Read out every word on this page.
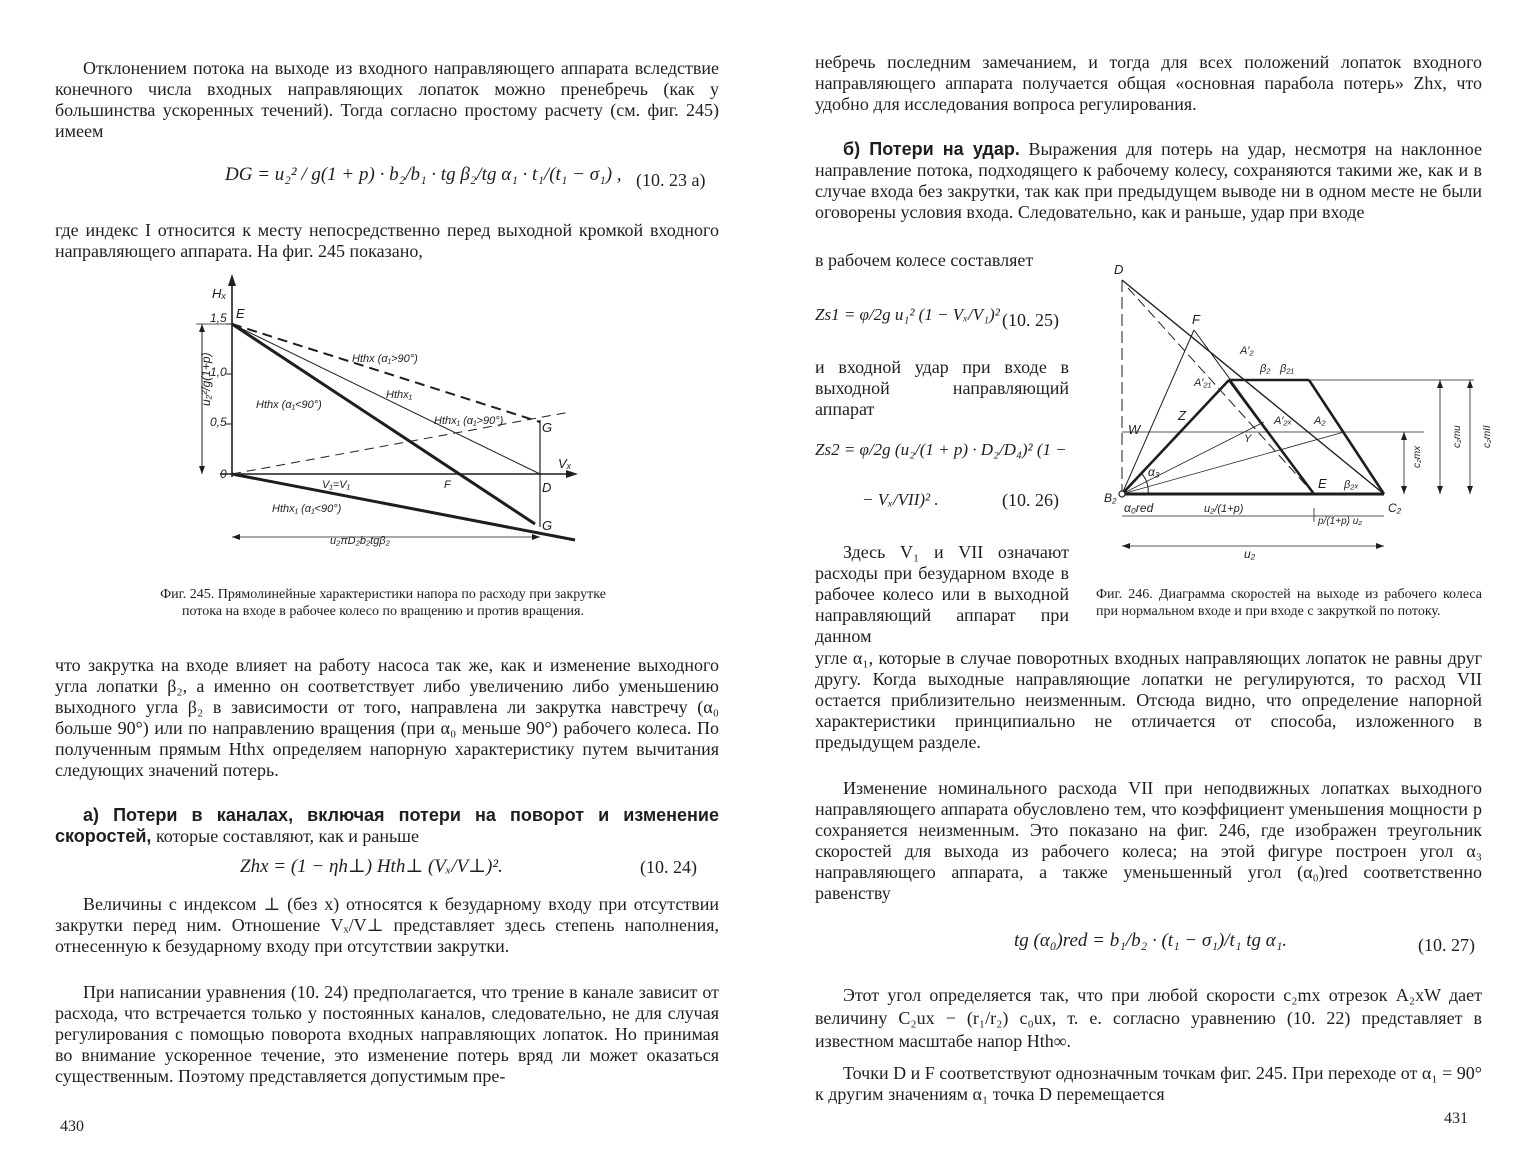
Отклонением потока на выходе из входного направляющего аппарата вследствие конечного числа входных направляющих лопаток можно пренебречь (как у большинства ускоренных течений). Тогда согласно простому расчету (см. фиг. 245) имеем

DG = u₂² / g(1 + p) · b₂/b₁ · tg β₂/tg α₁ · t₁/(t₁ − σ₁) , (10. 23 a)

где индекс I относится к месту непосредственно перед выходной кромкой входного направляющего аппарата. На фиг. 245 показано,

Hₓ
Vₓ
1,5
1,0
0,5
0
u₂²/g(1+p)
E
F	D
G
G
Hthx (α₁>90°)
Hthx (α₁<90°)
Hthx₁
Hthx₁ (α₁>90°)
Hthx₁ (α₁<90°)
V₁=V₁
u₂πD₂b₂tgβ₂

Фиг. 245. Прямолинейные характеристики напора по расходу при закрутке потока на входе в рабочее колесо по вращению и против вращения.

что закрутка на входе влияет на работу насоса так же, как и изменение выходного угла лопатки β₂, а именно он соответствует либо увеличению либо уменьшению выходного угла β₂ в зависимости от того, направлена ли закрутка навстречу (α₀ больше 90°) или по направлению вращения (при α₀ меньше 90°) рабочего колеса. По полученным прямым Hthx определяем напорную характеристику путем вычитания следующих значений потерь.

а) Потери в каналах, включая потери на поворот и изменение скоростей, которые составляют, как и раньше

Zhx = (1 − ηh⊥) Hth⊥ (Vₓ/V⊥)².	(10. 24)

Величины с индексом ⊥ (без x) относятся к безударному входу при отсутствии закрутки перед ним. Отношение Vₓ/V⊥ представляет здесь степень наполнения, отнесенную к безударному входу при отсутствии закрутки.

При написании уравнения (10. 24) предполагается, что трение в канале зависит от расхода, что встречается только у постоянных каналов, следовательно, не для случая регулирования с помощью поворота входных направляющих лопаток. Но принимая во внимание ускоренное течение, это изменение потерь вряд ли может оказаться существенным. Поэтому представляется допустимым пре-

430

небречь последним замечанием, и тогда для всех положений лопаток входного направляющего аппарата получается общая «основная парабола потерь» Zhx, что удобно для исследования вопроса регулирования.

б) Потери на удар. Выражения для потерь на удар, несмотря на наклонное направление потока, подходящего к рабочему колесу, сохраняются такими же, как и в случае входа без закрутки, так как при предыдущем выводе ни в одном месте не были оговорены условия входа. Следовательно, как и раньше, удар при входе

в рабочем колесе составляет

Zs1 = φ/2g u₁² (1 − Vₓ/V₁)² (10. 25)

и входной удар при входе в выходной направляющий аппарат

Zs2 = φ/2g (u₂/(1 + p) · D₂/D₄)² (1 −
− Vₓ/VII)² .	(10. 26)

Здесь V₁ и VII означают расходы при безударном входе в рабочее колесо или в выходной направляющий аппарат при данном

D
F
A′₂
A′₂₁
β₂ β₂₁
A′₂ₓ A₂
Z
W
Y
α₃
E β₂ₓ
B₂
C₂
α₀red	u₂/(1+p)
p/(1+p) u₂
u₂
c₂mx
c₂mu c₂mII

Фиг. 246. Диаграмма скоростей на выходе из рабочего колеса при нормальном входе и при входе с закруткой по потоку.

угле α₁, которые в случае поворотных входных направляющих лопаток не равны друг другу. Когда выходные направляющие лопатки не регулируются, то расход VII остается приблизительно неизменным. Отсюда видно, что определение напорной характеристики принципиально не отличается от способа, изложенного в предыдущем разделе.

Изменение номинального расхода VII при неподвижных лопатках выходного направляющего аппарата обусловлено тем, что коэффициент уменьшения мощности p сохраняется неизменным. Это показано на фиг. 246, где изображен треугольник скоростей для выхода из рабочего колеса; на этой фигуре построен угол α₃ направляющего аппарата, а также уменьшенный угол (α₀)red соответственно равенству

tg (α₀)red = b₁/b₂ · (t₁ − σ₁)/t₁ tg α₁.	(10. 27)

Этот угол определяется так, что при любой скорости c₂mx отрезок A₂xW дает величину C₂ux − (r₁/r₂) c₀ux, т. е. согласно уравнению (10. 22) представляет в известном масштабе напор Hth∞.

Точки D и F соответствуют однозначным точкам фиг. 245. При переходе от α₁ = 90° к другим значениям α₁ точка D перемещается

431
